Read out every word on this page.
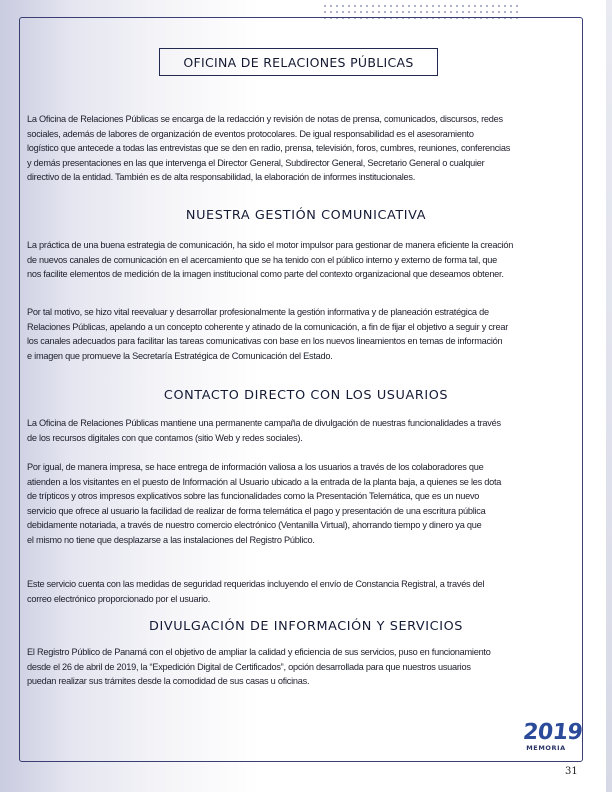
OFICINA DE RELACIONES PÚBLICAS

La Oficina de Relaciones Públicas se encarga de la redacción y revisión de notas de prensa, comunicados, discursos, redes
sociales, además de labores de organización de eventos protocolares. De igual responsabilidad es el asesoramiento
logístico que antecede a todas las entrevistas que se den en radio, prensa, televisión, foros, cumbres, reuniones, conferencias
y demás presentaciones en las que intervenga el Director General, Subdirector General, Secretario General o cualquier
directivo de la entidad. También es de alta responsabilidad, la elaboración de informes institucionales.

NUESTRA GESTIÓN COMUNICATIVA

La práctica de una buena estrategia de comunicación, ha sido el motor impulsor para gestionar de manera eficiente la creación
de nuevos canales de comunicación en el acercamiento que se ha tenido con el público interno y externo de forma tal, que
nos facilite elementos de medición de la imagen institucional como parte del contexto organizacional que deseamos obtener.

Por tal motivo, se hizo vital reevaluar y desarrollar profesionalmente la gestión informativa y de planeación estratégica de
Relaciones Públicas, apelando a un concepto coherente y atinado de la comunicación, a fin de fijar el objetivo a seguir y crear
los canales adecuados para facilitar las tareas comunicativas con base en los nuevos lineamientos en temas de información
e imagen que promueve la Secretaría Estratégica de Comunicación del Estado.

CONTACTO DIRECTO CON LOS USUARIOS

La Oficina de Relaciones Públicas mantiene una permanente campaña de divulgación de nuestras funcionalidades a través
de los recursos digitales con que contamos (sitio Web y redes sociales).

Por igual, de manera impresa, se hace entrega de información valiosa a los usuarios a través de los colaboradores que
atienden a los visitantes en el puesto de Información al Usuario ubicado a la entrada de la planta baja, a quienes se les dota
de trípticos y otros impresos explicativos sobre las funcionalidades como la Presentación Telemática, que es un nuevo
servicio que ofrece al usuario la facilidad de realizar de forma telemática el pago y presentación de una escritura pública
debidamente notariada, a través de nuestro comercio electrónico (Ventanilla Virtual), ahorrando tiempo y dinero ya que
el mismo no tiene que desplazarse a las instalaciones del Registro Público.

Este servicio cuenta con las medidas de seguridad requeridas incluyendo el envío de Constancia Registral, a través del
correo electrónico proporcionado por el usuario.

DIVULGACIÓN DE INFORMACIÓN Y SERVICIOS

El Registro Público de Panamá con el objetivo de ampliar la calidad y eficiencia de sus servicios, puso en funcionamiento
desde el 26 de abril de 2019, la “Expedición Digital de Certificados”, opción desarrollada para que nuestros usuarios
puedan realizar sus trámites desde la comodidad de sus casas u oficinas.

2019
MEMORIA
31
